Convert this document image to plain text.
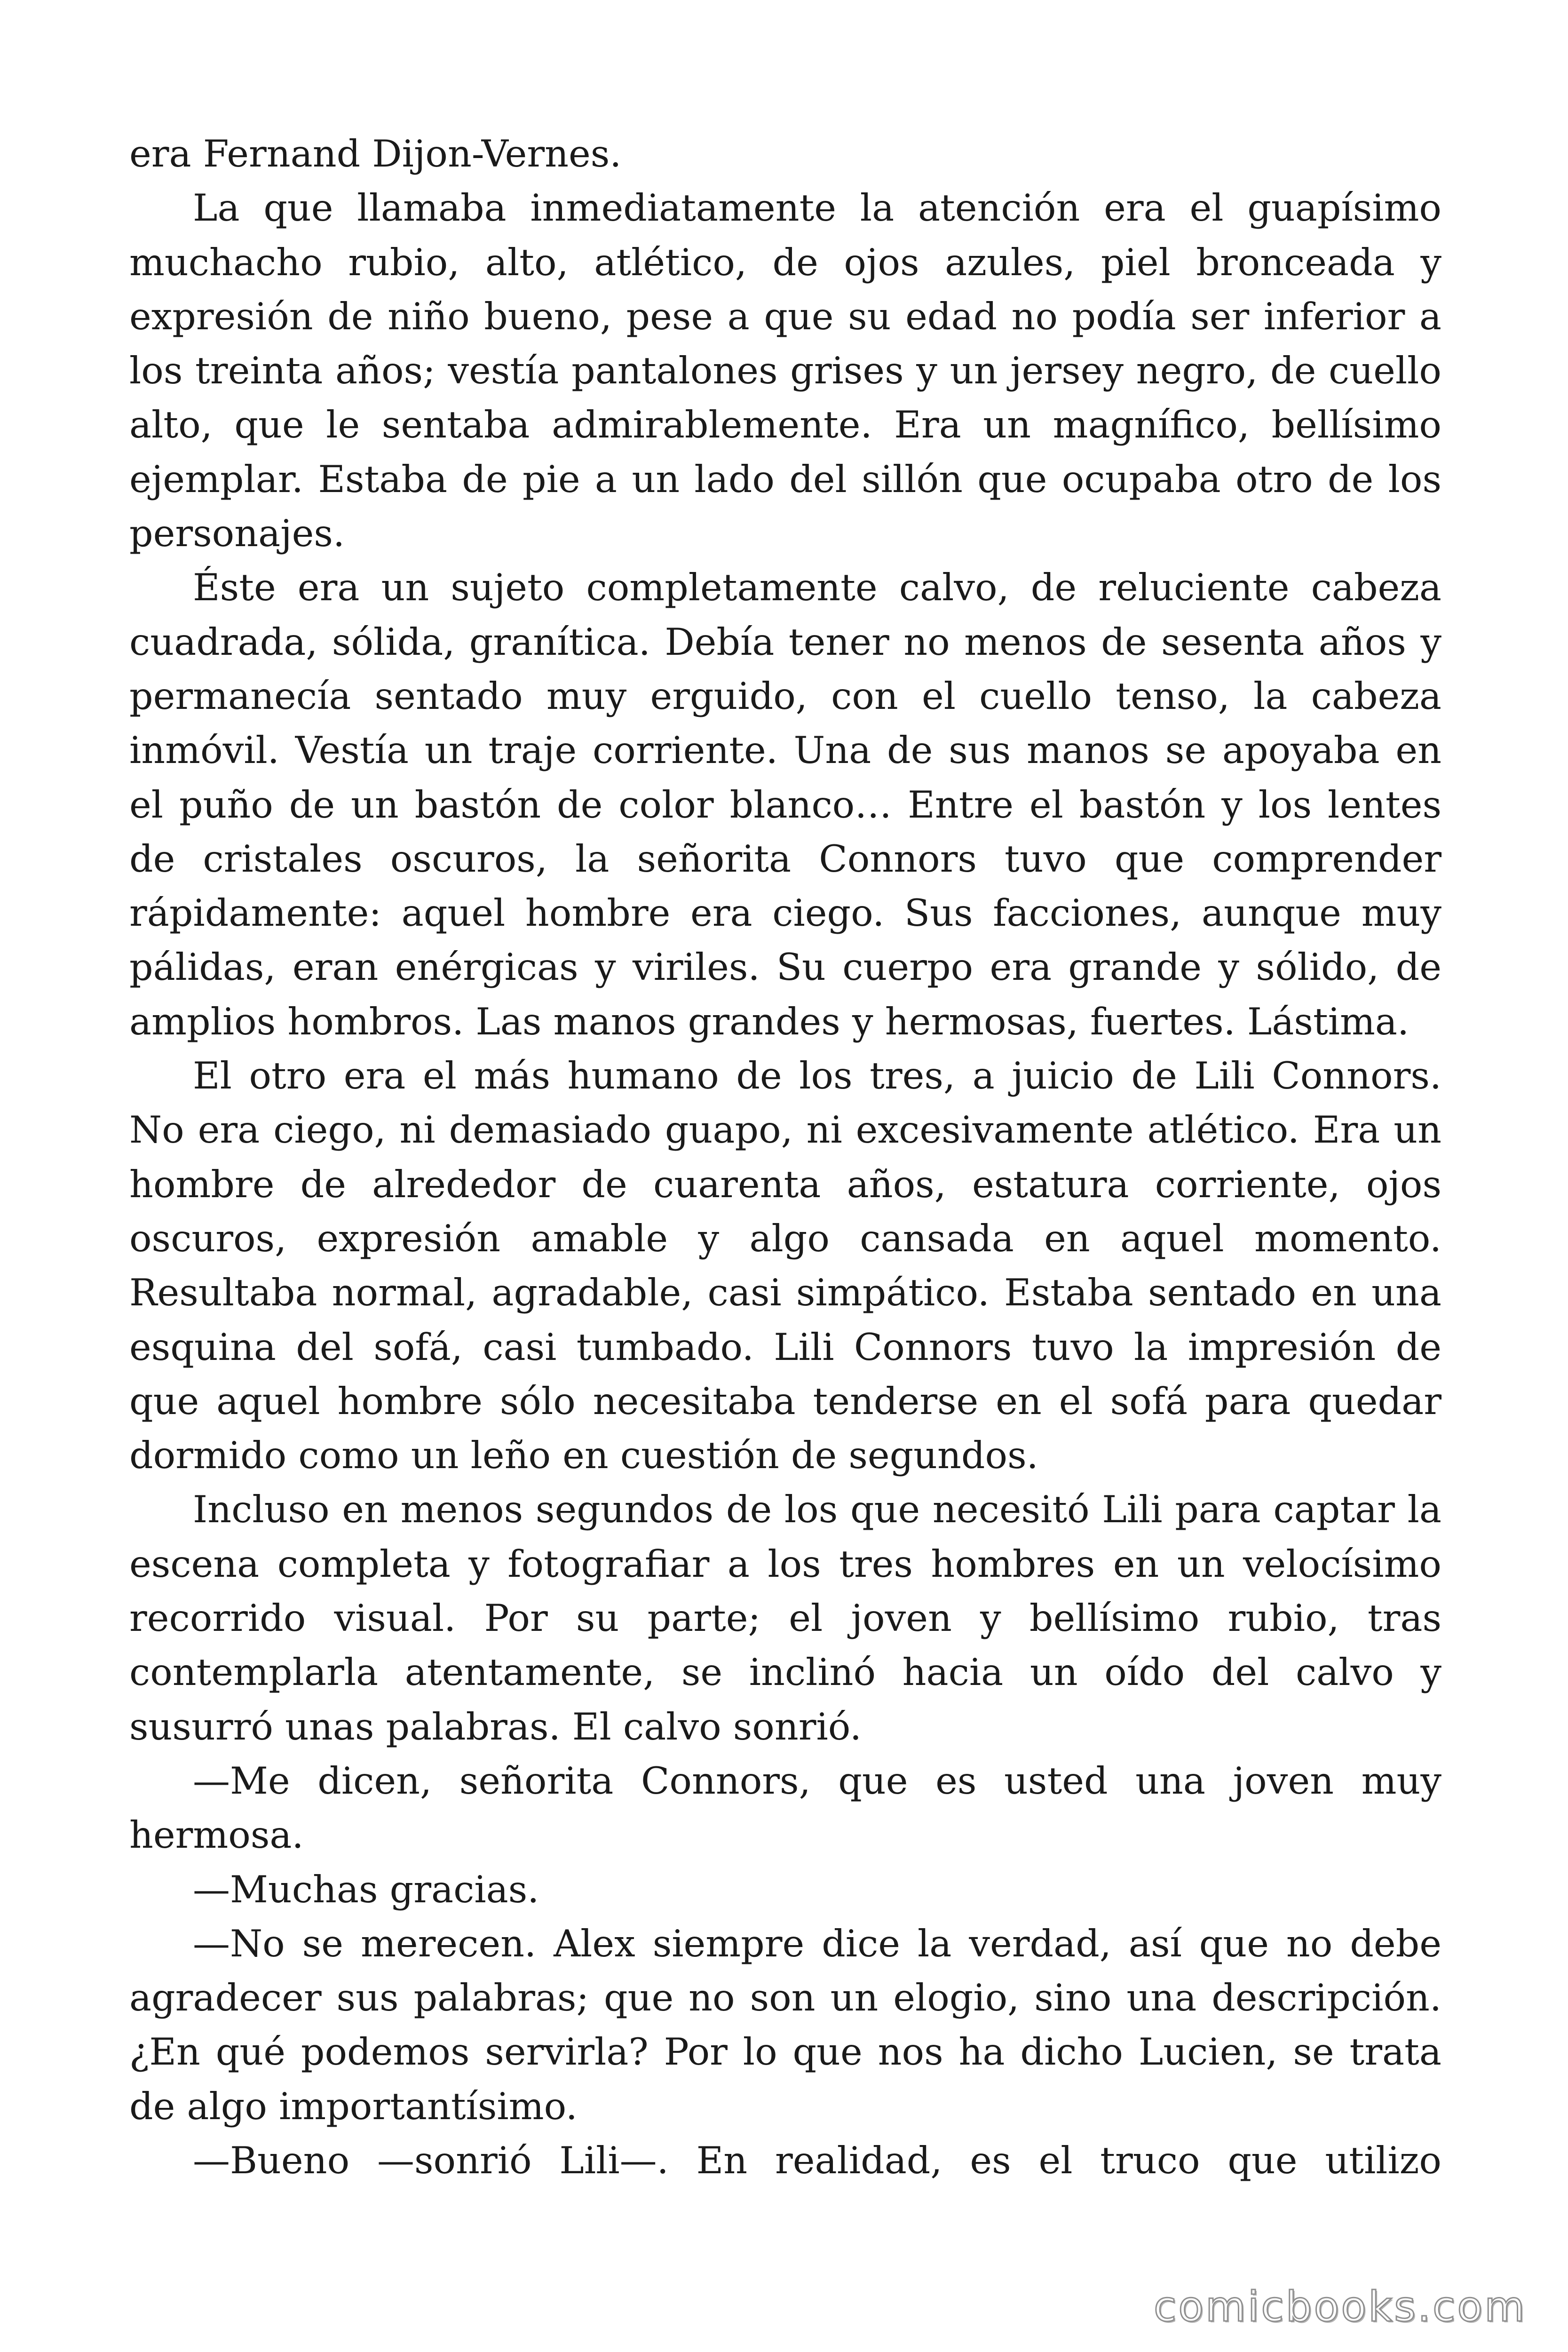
era Fernand Dijon-Vernes.
La que llamaba inmediatamente la atención era el guapísimo
muchacho rubio, alto, atlético, de ojos azules, piel bronceada y
expresión de niño bueno, pese a que su edad no podía ser inferior a
los treinta años; vestía pantalones grises y un jersey negro, de cuello
alto, que le sentaba admirablemente. Era un magnífico, bellísimo
ejemplar. Estaba de pie a un lado del sillón que ocupaba otro de los
personajes.
Éste era un sujeto completamente calvo, de reluciente cabeza
cuadrada, sólida, granítica. Debía tener no menos de sesenta años y
permanecía sentado muy erguido, con el cuello tenso, la cabeza
inmóvil. Vestía un traje corriente. Una de sus manos se apoyaba en
el puño de un bastón de color blanco… Entre el bastón y los lentes
de cristales oscuros, la señorita Connors tuvo que comprender
rápidamente: aquel hombre era ciego. Sus facciones, aunque muy
pálidas, eran enérgicas y viriles. Su cuerpo era grande y sólido, de
amplios hombros. Las manos grandes y hermosas, fuertes. Lástima.
El otro era el más humano de los tres, a juicio de Lili Connors.
No era ciego, ni demasiado guapo, ni excesivamente atlético. Era un
hombre de alrededor de cuarenta años, estatura corriente, ojos
oscuros, expresión amable y algo cansada en aquel momento.
Resultaba normal, agradable, casi simpático. Estaba sentado en una
esquina del sofá, casi tumbado. Lili Connors tuvo la impresión de
que aquel hombre sólo necesitaba tenderse en el sofá para quedar
dormido como un leño en cuestión de segundos.
Incluso en menos segundos de los que necesitó Lili para captar la
escena completa y fotografiar a los tres hombres en un velocísimo
recorrido visual. Por su parte; el joven y bellísimo rubio, tras
contemplarla atentamente, se inclinó hacia un oído del calvo y
susurró unas palabras. El calvo sonrió.
—Me dicen, señorita Connors, que es usted una joven muy
hermosa.
—Muchas gracias.
—No se merecen. Alex siempre dice la verdad, así que no debe
agradecer sus palabras; que no son un elogio, sino una descripción.
¿En qué podemos servirla? Por lo que nos ha dicho Lucien, se trata
de algo importantísimo.
—Bueno —sonrió Lili—. En realidad, es el truco que utilizo
comicbooks.com
